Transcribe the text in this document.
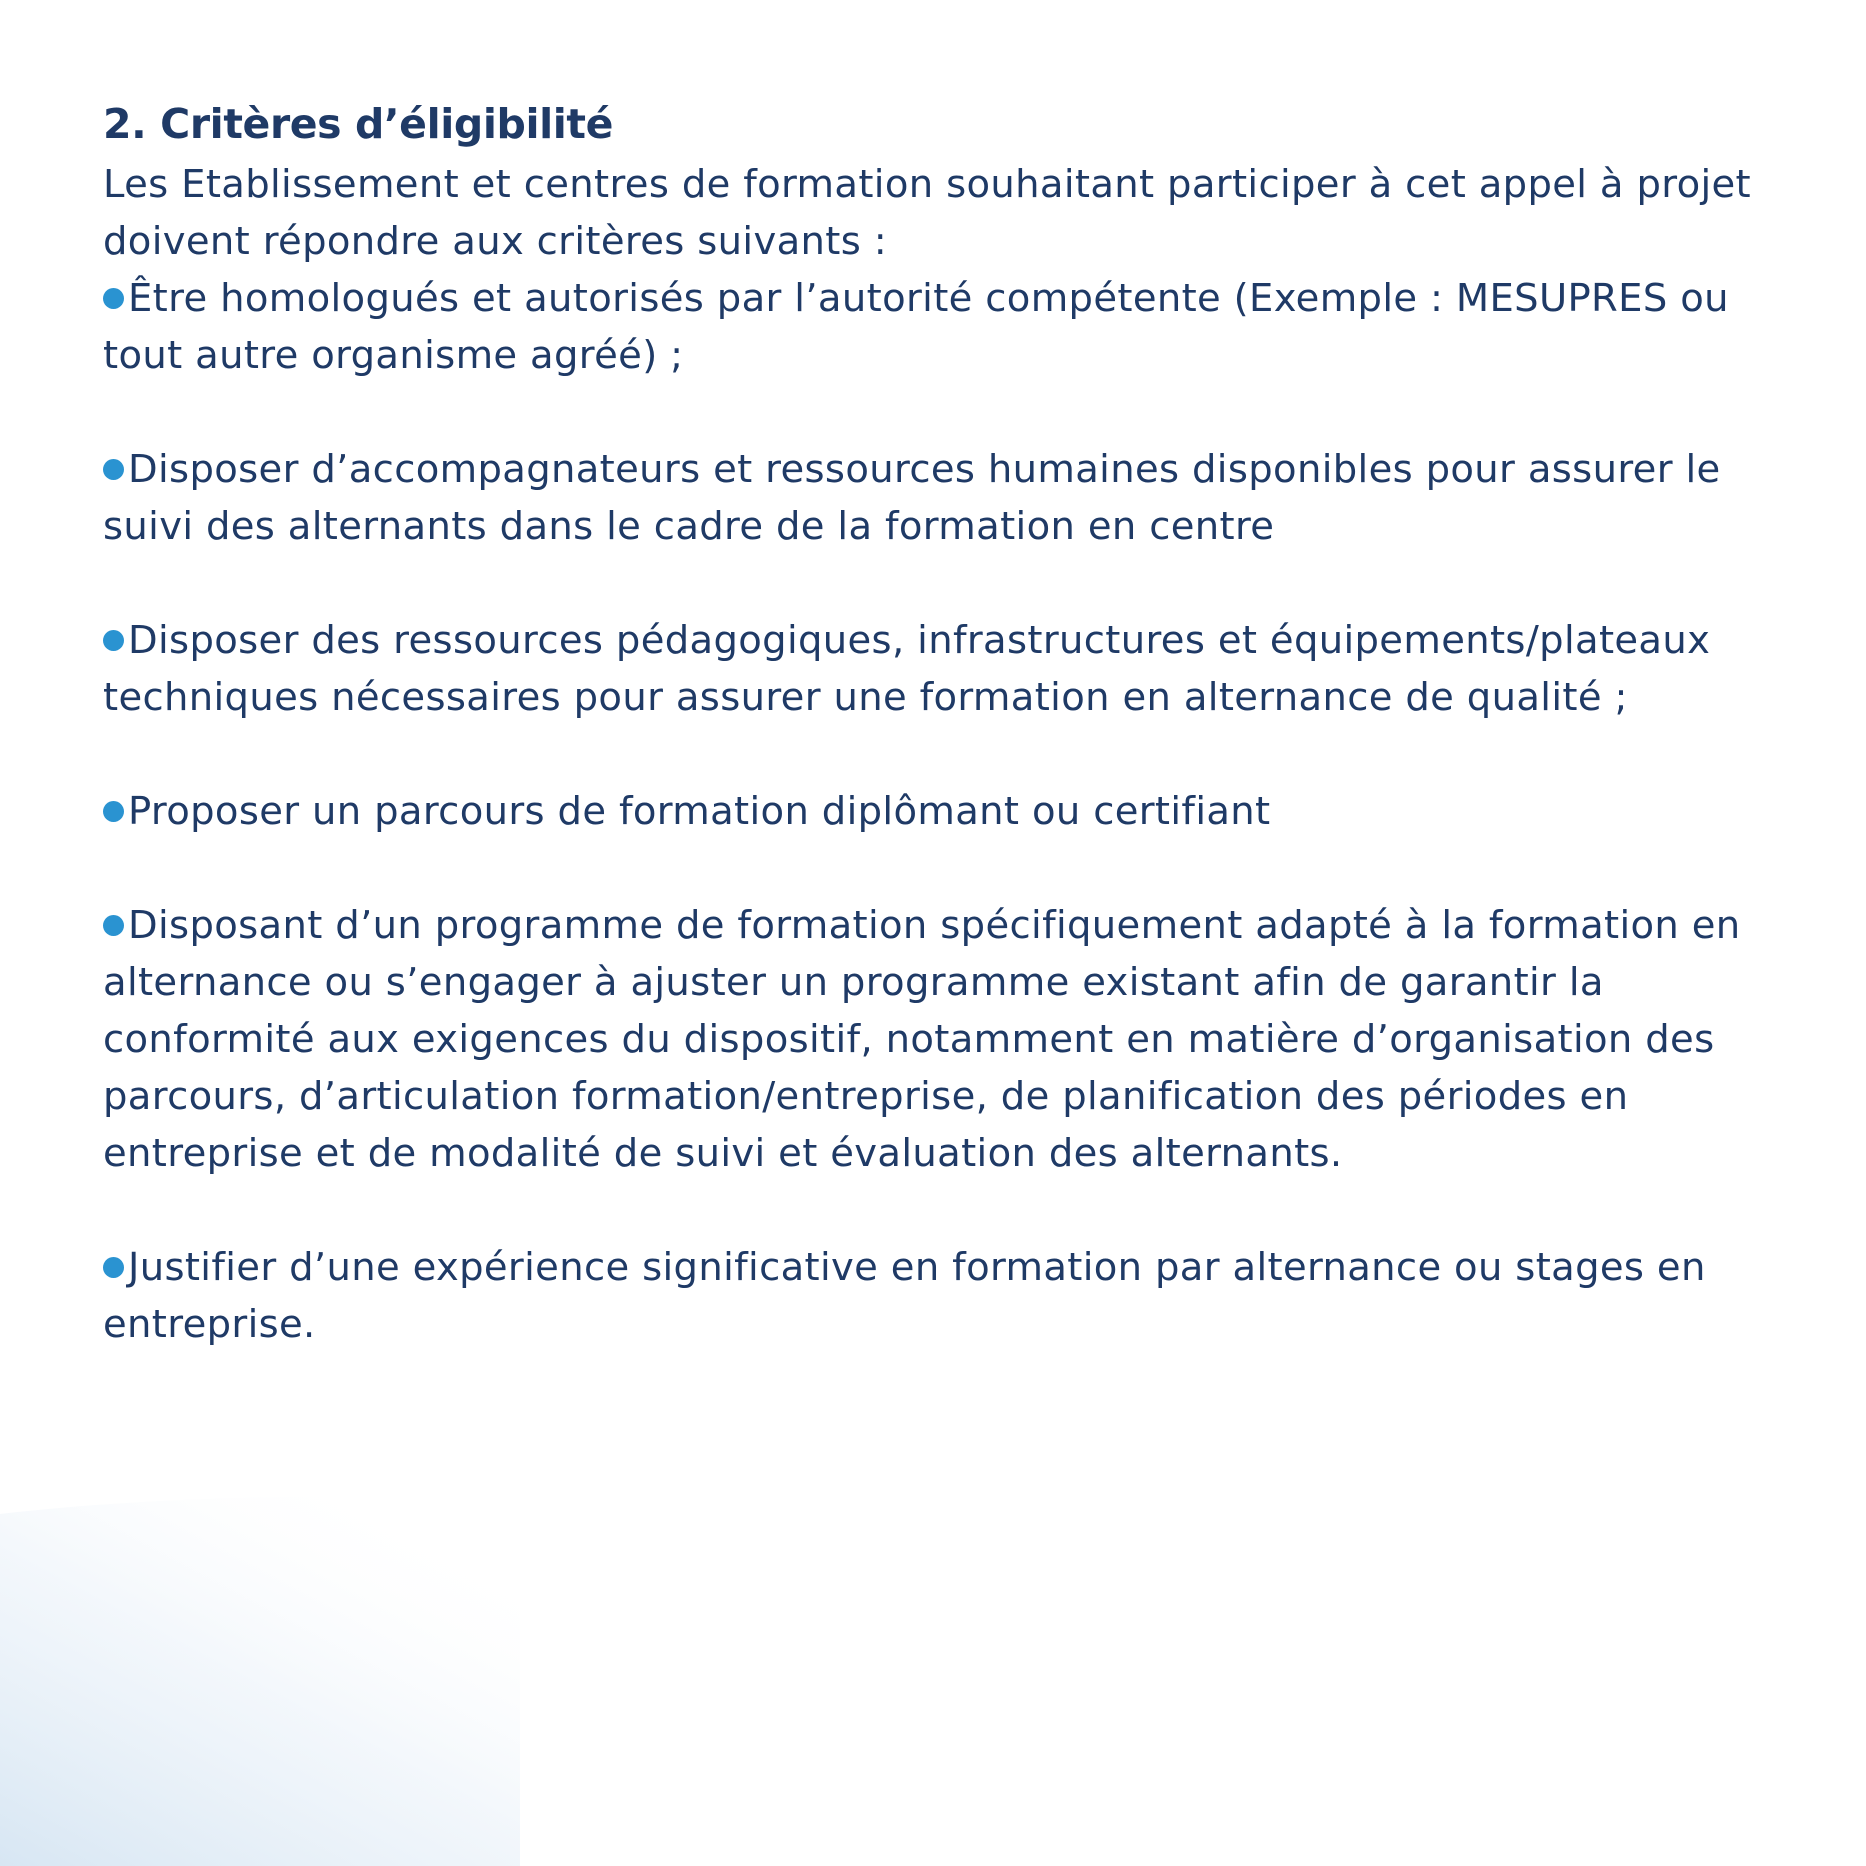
2. Critères d’éligibilité

Les Etablissement et centres de formation souhaitant participer à cet appel à projet doivent répondre aux critères suivants :

Être homologués et autorisés par l’autorité compétente (Exemple : MESUPRES ou tout autre organisme agréé) ;

Disposer d’accompagnateurs et ressources humaines disponibles pour assurer le suivi des alternants dans le cadre de la formation en centre

Disposer des ressources pédagogiques, infrastructures et équipements/plateaux techniques nécessaires pour assurer une formation en alternance de qualité ;

Proposer un parcours de formation diplômant ou certifiant

Disposant d’un programme de formation spécifiquement adapté à la formation en alternance ou s’engager à ajuster un programme existant afin de garantir la conformité aux exigences du dispositif, notamment en matière d’organisation des parcours, d’articulation formation/entreprise, de planification des périodes en entreprise et de modalité de suivi et évaluation des alternants.

Justifier d’une expérience significative en formation par alternance ou stages en entreprise.
